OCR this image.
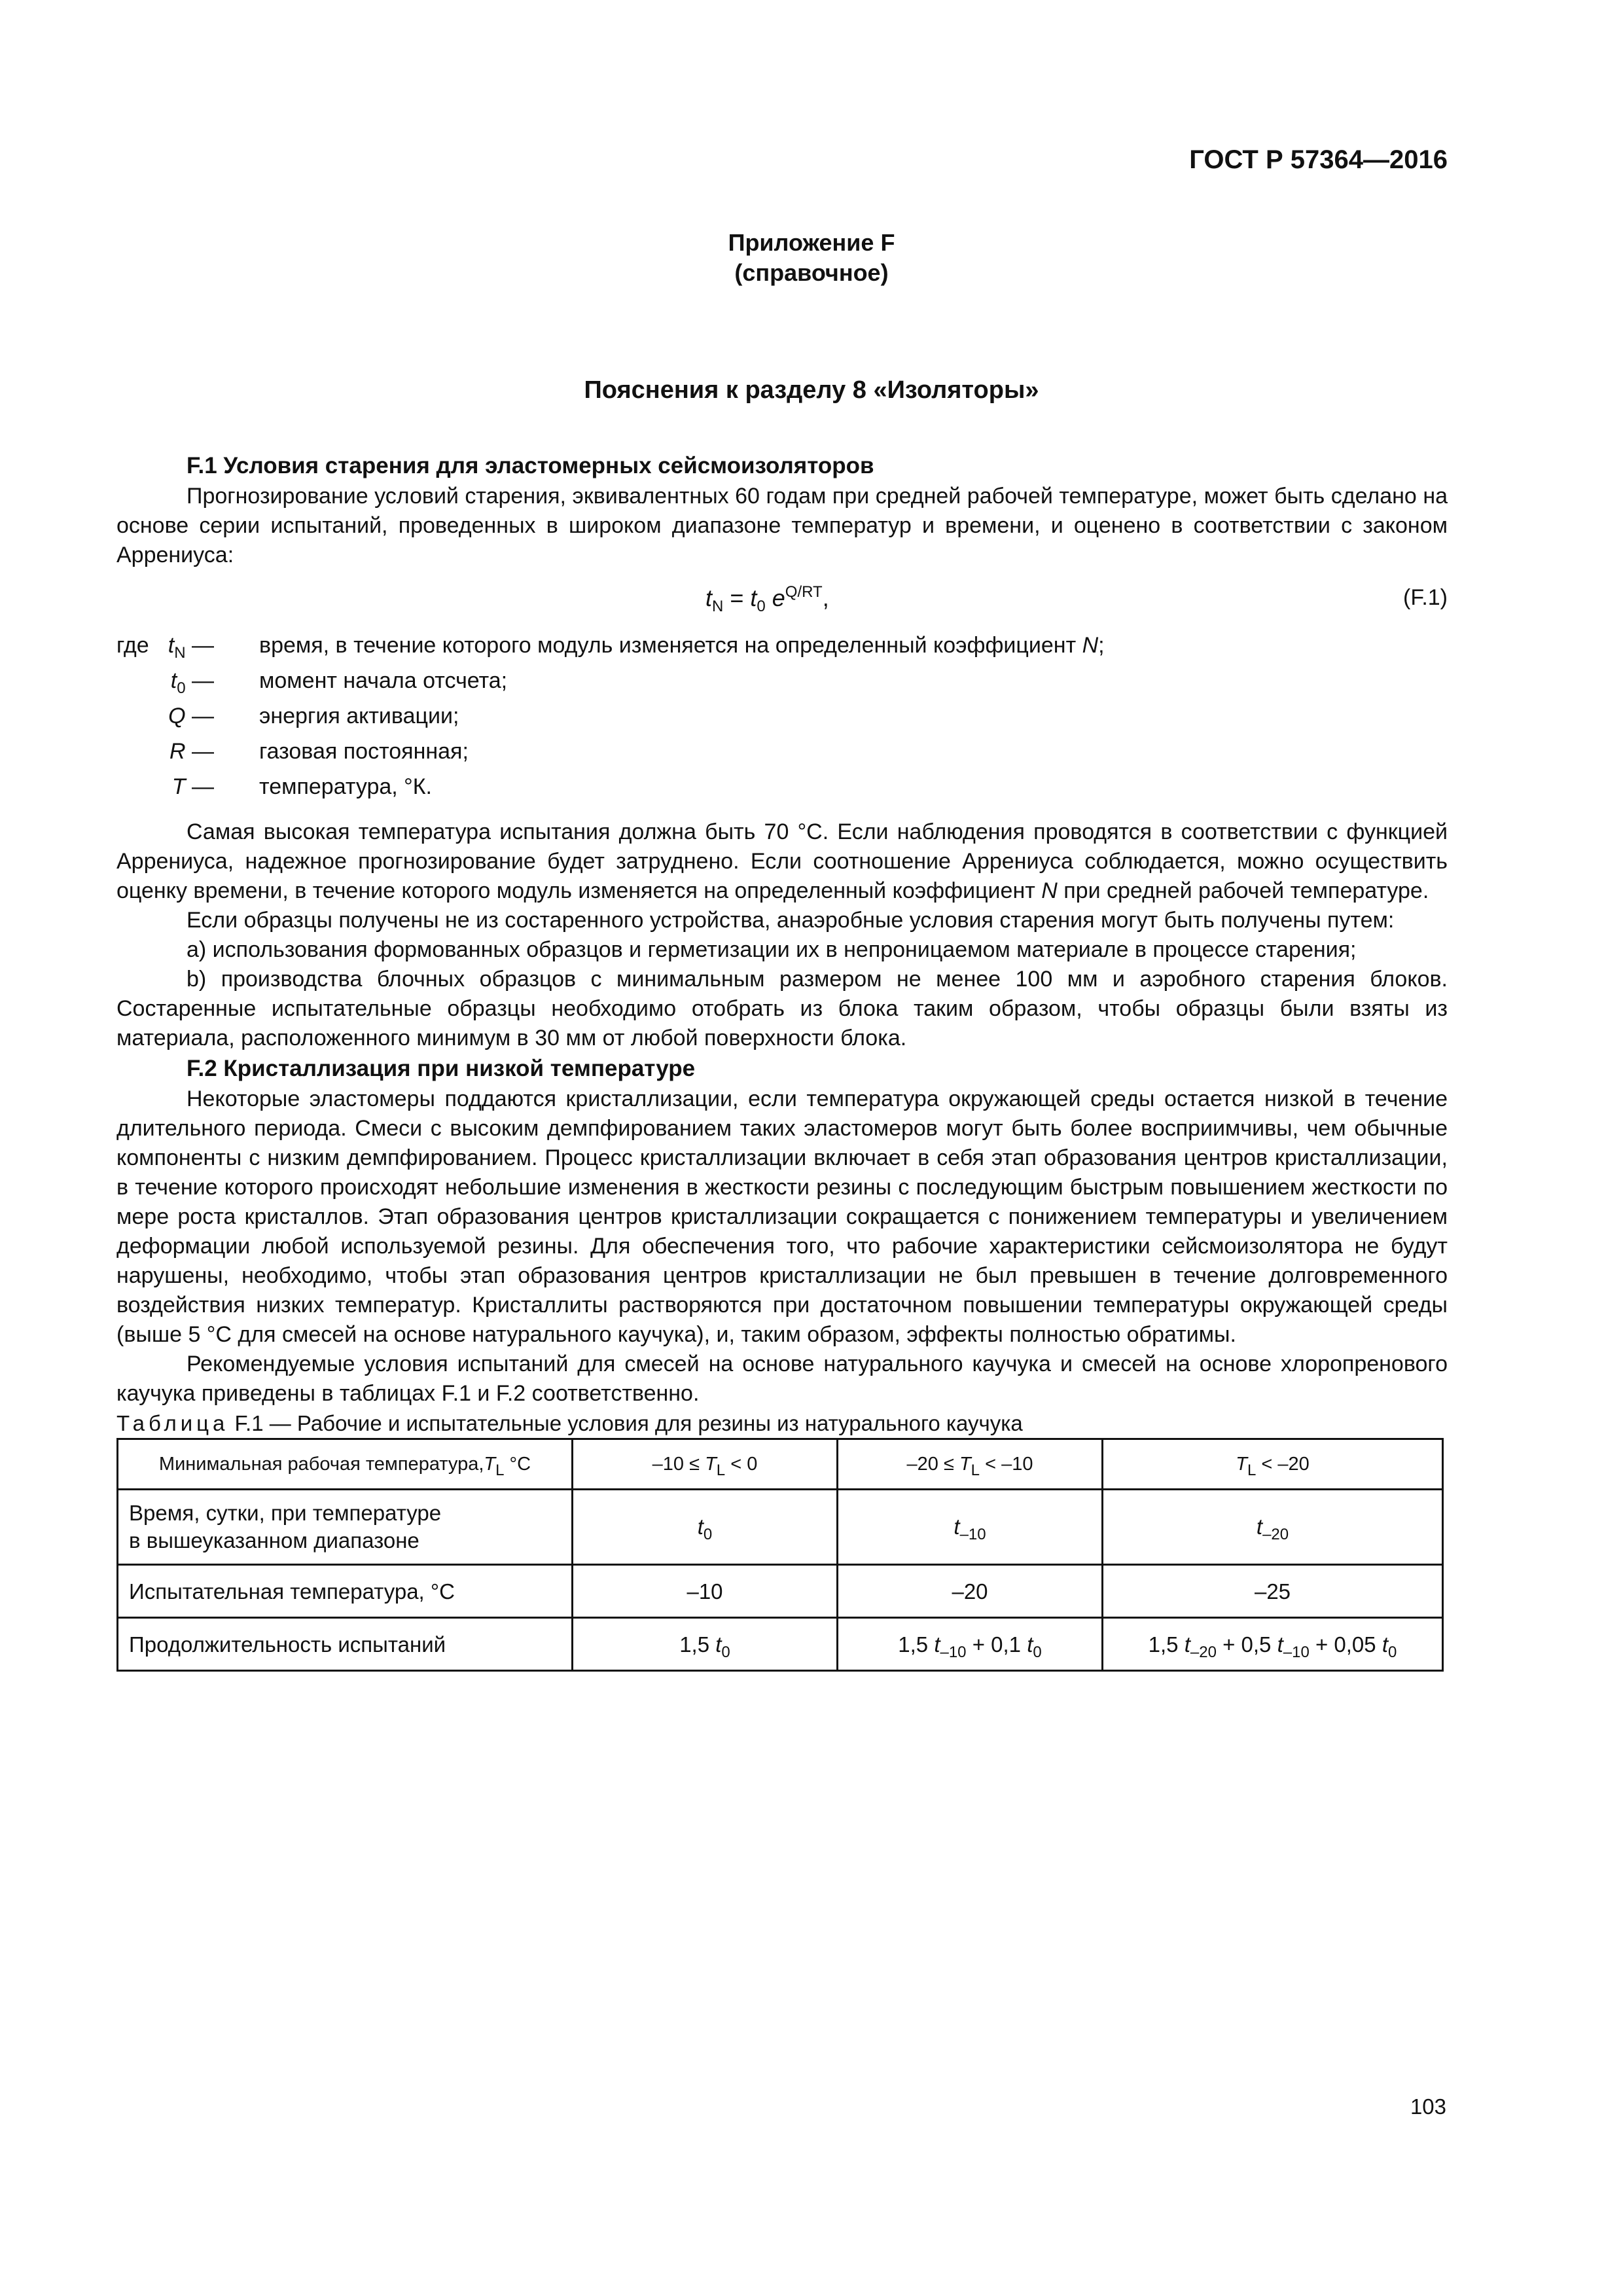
ГОСТ Р 57364—2016

Приложение F
(справочное)

Пояснения к разделу 8 «Изоляторы»

F.1 Условия старения для эластомерных сейсмоизоляторов

Прогнозирование условий старения, эквивалентных 60 годам при средней рабочей температуре, может быть сделано на основе серии испытаний, проведенных в широком диапазоне температур и времени, и оценено в соответствии с законом Аррениуса:

$t_N = t_0$ $e^{Q/RT}$,	(F.1)
где $t_N$ — время, в течение которого модуль изменяется на определенный коэффициент N;
$t_0$ — момент начала отсчета;
Q — энергия активации;
R — газовая постоянная;
T — температура, °К.

Самая высокая температура испытания должна быть 70 °С. Если наблюдения проводятся в соответствии с функцией Аррениуса, надежное прогнозирование будет затруднено. Если соотношение Аррениуса соблюдается, можно осуществить оценку времени, в течение которого модуль изменяется на определенный коэффициент N при средней рабочей температуре.

Если образцы получены не из состаренного устройства, анаэробные условия старения могут быть получены путем:

a) использования формованных образцов и герметизации их в непроницаемом материале в процессе старения;

b) производства блочных образцов с минимальным размером не менее 100 мм и аэробного старения блоков. Состаренные испытательные образцы необходимо отобрать из блока таким образом, чтобы образцы были взяты из материала, расположенного минимум в 30 мм от любой поверхности блока.

F.2 Кристаллизация при низкой температуре

Некоторые эластомеры поддаются кристаллизации, если температура окружающей среды остается низкой в течение длительного периода. Смеси с высоким демпфированием таких эластомеров могут быть более восприимчивы, чем обычные компоненты с низким демпфированием. Процесс кристаллизации включает в себя этап образования центров кристаллизации, в течение которого происходят небольшие изменения в жесткости резины с последующим быстрым повышением жесткости по мере роста кристаллов. Этап образования центров кристаллизации сокращается с понижением температуры и увеличением деформации любой используемой резины. Для обеспечения того, что рабочие характеристики сейсмоизолятора не будут нарушены, необходимо, чтобы этап образования центров кристаллизации не был превышен в течение долговременного воздействия низких температур. Кристаллиты растворяются при достаточном повышении температуры окружающей среды (выше 5 °С для смесей на основе натурального каучука), и, таким образом, эффекты полностью обратимы.

Рекомендуемые условия испытаний для смесей на основе натурального каучука и смесей на основе хлоропренового каучука приведены в таблицах F.1 и F.2 соответственно.

Таблица F.1 — Рабочие и испытательные условия для резины из натурального каучука

Минимальная рабочая $температура,T_L$ °С	$-10 \le T_L < 0$	$-20 \le T_L < -10$	$T_L < -20$

Время, сутки, при температуре
в вышеуказанном диапазоне	$t_0$	$t_{-10}$	$t_{-20}$
Испытательная температура, °С	–10	–20	–25
Продолжительность испытаний	1,5 $t_0$	1,5 $t_{-10} + 0,1$ $t_0$	1,5 $t_{-20} + 0,5$ $t_{-10} + 0,05$ $t_0$

103
